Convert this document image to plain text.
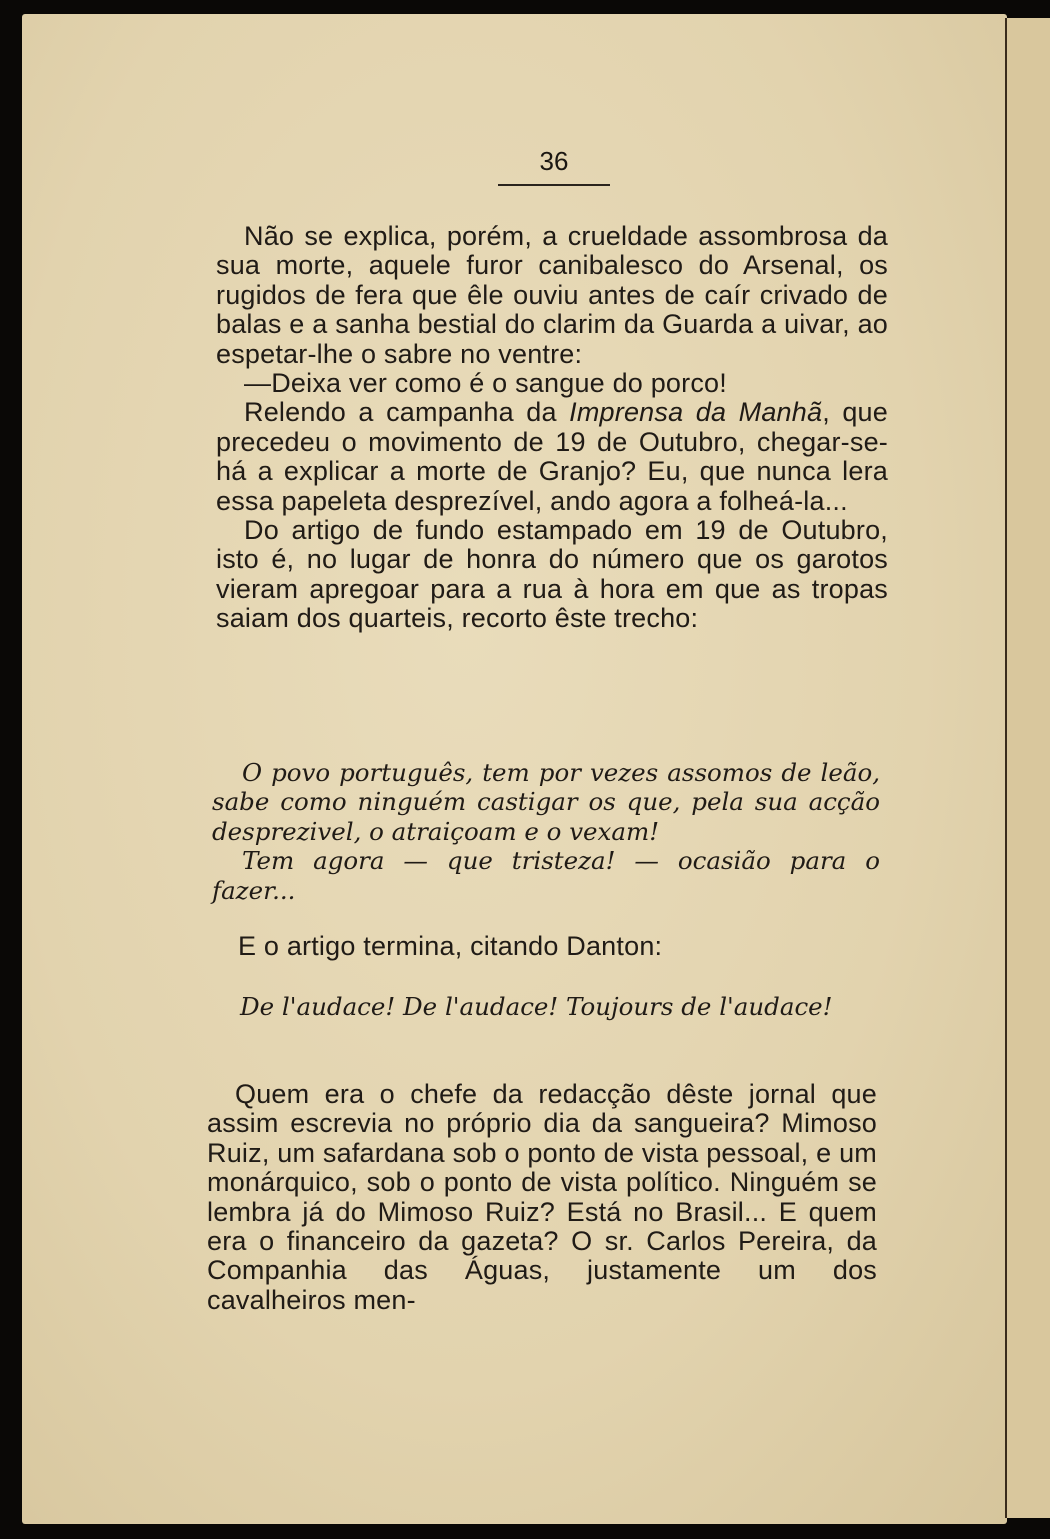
36

Não se explica, porém, a crueldade assombrosa da sua morte, aquele furor canibalesco do Arsenal, os rugidos de fera que êle ouviu antes de caír crivado de balas e a sanha bestial do clarim da Guarda a uivar, ao espetar-lhe o sabre no ventre:

—Deixa ver como é o sangue do porco!

Relendo a campanha da Imprensa da Manhã, que precedeu o movimento de 19 de Outubro, chegar-se-há a explicar a morte de Granjo? Eu, que nunca lera essa papeleta desprezível, ando agora a folheá-la...

Do artigo de fundo estampado em 19 de Outubro, isto é, no lugar de honra do número que os garotos vieram apregoar para a rua à hora em que as tropas saiam dos quarteis, recorto êste trecho:

O povo português, tem por vezes assomos de leão, sabe como ninguém castigar os que, pela sua acção desprezivel, o atraiçoam e o vexam!

Tem agora — que tristeza! — ocasião para o fazer...

E o artigo termina, citando Danton:

De l'audace! De l'audace! Toujours de l'audace!

Quem era o chefe da redacção dêste jornal que assim escrevia no próprio dia da sangueira? Mimoso Ruiz, um safardana sob o ponto de vista pessoal, e um monárquico, sob o ponto de vista político. Ninguém se lembra já do Mimoso Ruiz? Está no Brasil... E quem era o financeiro da gazeta? O sr. Carlos Pereira, da Companhia das Águas, justamente um dos cavalheiros men-
